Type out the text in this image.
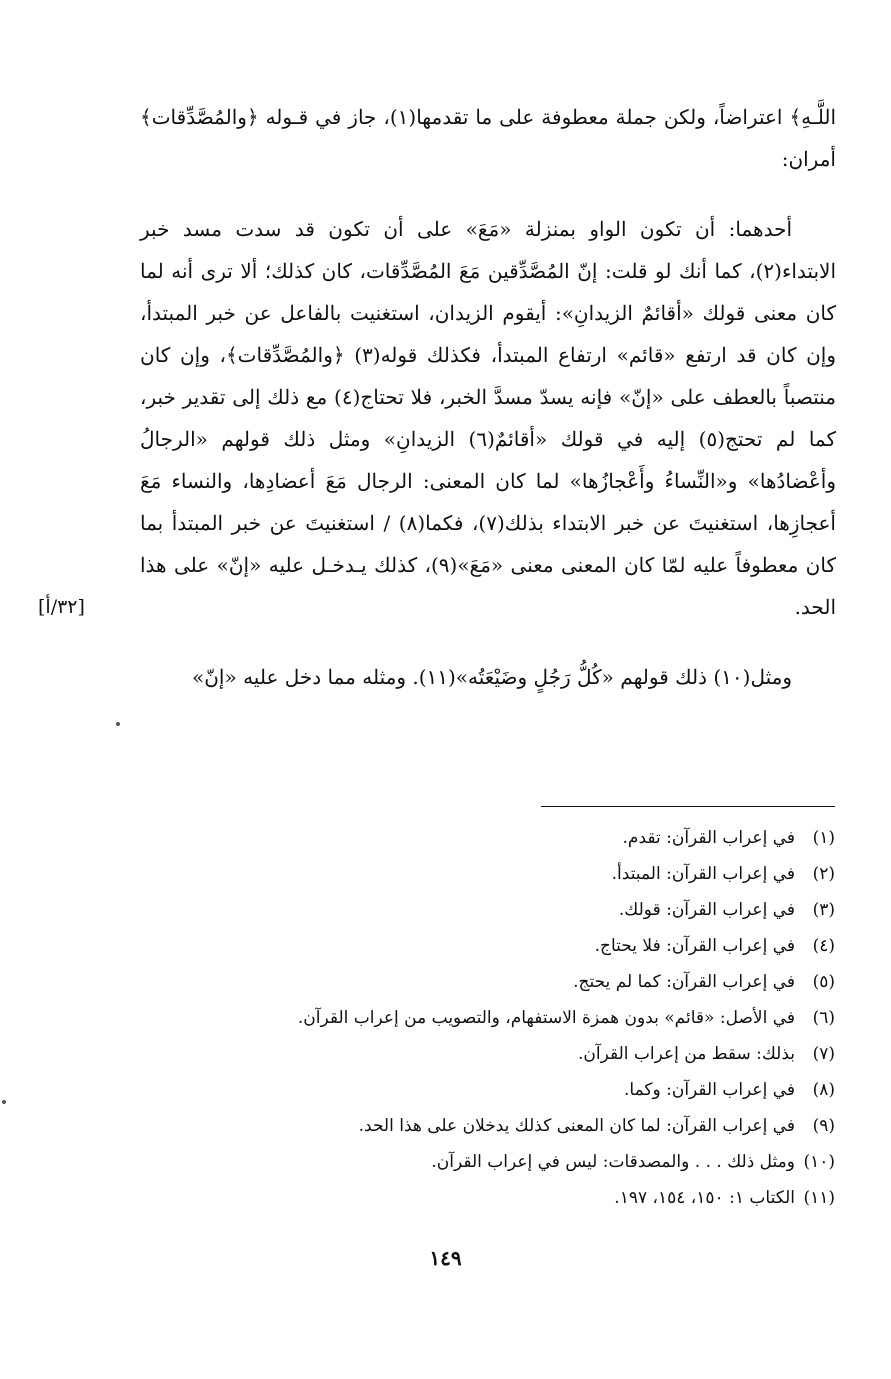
اللَّـهِ﴾ اعتراضاً، ولكن جملة معطوفة على ما تقدمها(١)، جاز في قـوله ﴿والمُصَّدِّقات﴾ أمران:

أحدهما: أن تكون الواو بمنزلة «مَعَ» على أن تكون قد سدت مسد خبر الابتداء(٢)، كما أنك لو قلت: إنّ المُصَّدِّقين مَعَ المُصَّدِّقات، كان كذلك؛ ألا ترى أنه لما كان معنى قولك «أقائمٌ الزيدانِ»: أيقوم الزيدان، استغنيت بالفاعل عن خبر المبتدأ، وإن كان قد ارتفع «قائم» ارتفاع المبتدأ، فكذلك قوله(٣) ﴿والمُصَّدِّقات﴾، وإن كان منتصباً بالعطف على «إنّ» فإنه يسدّ مسدَّ الخبر، فلا تحتاج(٤) مع ذلك إلى تقدير خبر، كما لم تحتج(٥) إليه في قولك «أقائمٌ(٦) الزيدانِ» ومثل ذلك قولهم «الرجالُ وأعْضادُها» و«النِّساءُ وأَعْجازُها» لما كان المعنى: الرجال مَعَ أعضادِها، والنساء مَعَ أعجازِها، استغنيتَ عن خبر الابتداء بذلك(٧)، فكما(٨) / استغنيتَ عن خبر المبتدأ بما كان معطوفاً عليه لمّا كان المعنى معنى «مَعَ»(٩)، كذلك يـدخـل عليه «إنّ» على هذا الحد.

ومثل(١٠) ذلك قولهم «كُلُّ رَجُلٍ وضَيْعَتُه»(١١). ومثله مما دخل عليه «إنّ»

[٣٢/أ]
(١)في إعراب القرآن: تقدم.
(٢)في إعراب القرآن: المبتدأ.
(٣)في إعراب القرآن: قولك.
(٤)في إعراب القرآن: فلا يحتاج.
(٥)في إعراب القرآن: كما لم يحتج.
(٦)في الأصل: «قائم» بدون همزة الاستفهام، والتصويب من إعراب القرآن.
(٧)بذلك: سقط من إعراب القرآن.
(٨)في إعراب القرآن: وكما.
(٩)في إعراب القرآن: لما كان المعنى كذلك يدخلان على هذا الحد.
(١٠)ومثل ذلك . . . والمصدقات: ليس في إعراب القرآن.
(١١)الكتاب ١: ١٥٠، ١٥٤، ١٩٧.
١٤٩
